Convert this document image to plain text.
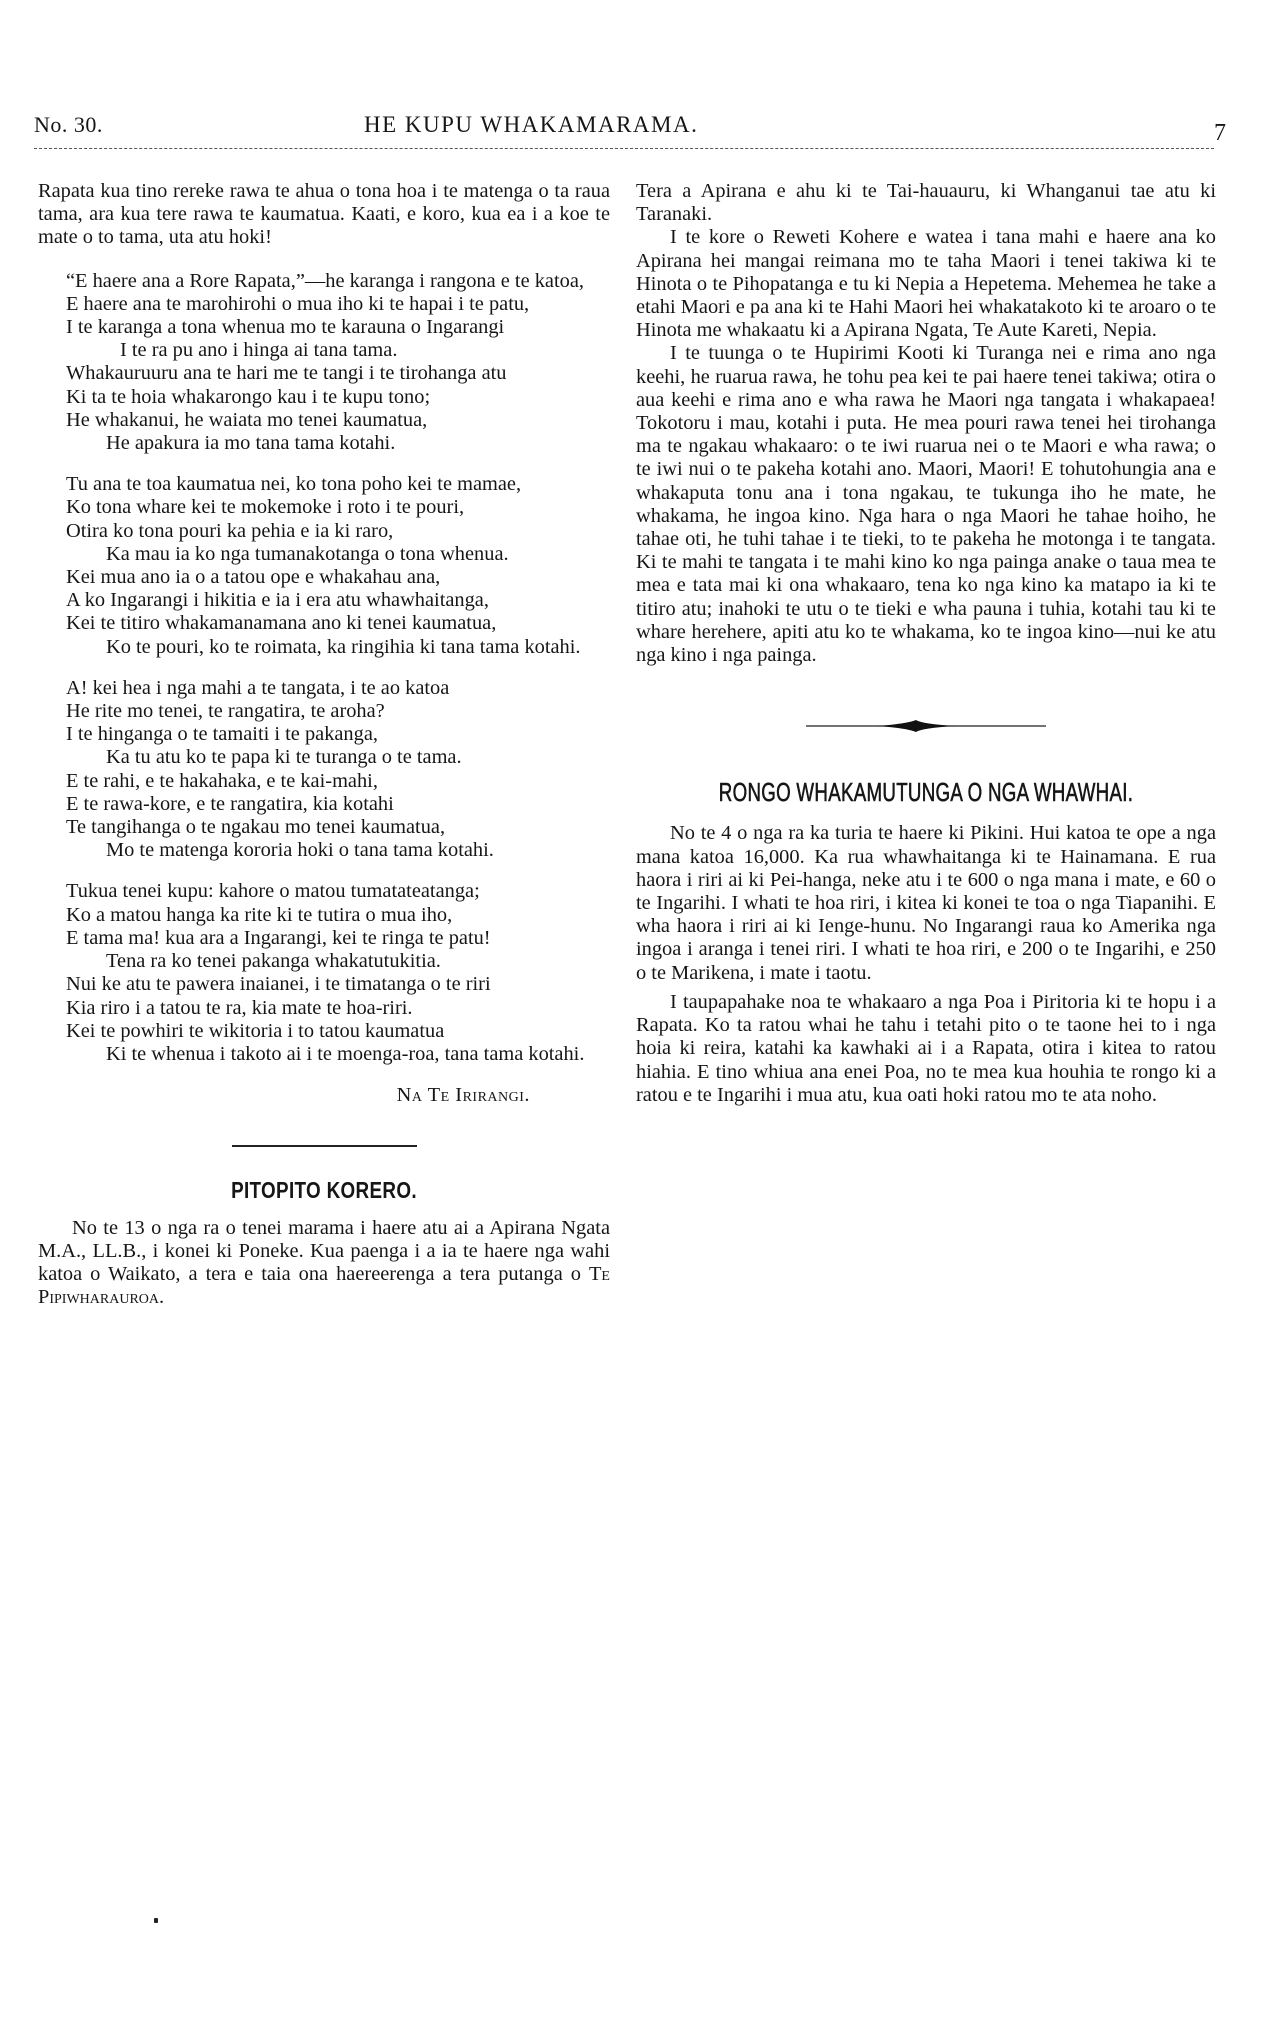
No. 30.	HE KUPU WHAKAMARAMA.	7

Rapata kua tino rereke rawa te ahua o tona hoa i te matenga o ta raua tama, ara kua tere rawa te kaumatua. Kaati, e koro, kua ea i a koe te mate o to tama, uta atu hoki!

“E haere ana a Rore Rapata,”—he karanga i rangona e te katoa,
E haere ana te marohirohi o mua iho ki te hapai i te patu,
I te karanga a tona whenua mo te karauna o Ingarangi
I te ra pu ano i hinga ai tana tama.
Whakauruuru ana te hari me te tangi i te tirohanga atu
Ki ta te hoia whakarongo kau i te kupu tono;
He whakanui, he waiata mo tenei kaumatua,
He apakura ia mo tana tama kotahi.
Tu ana te toa kaumatua nei, ko tona poho kei te mamae,
Ko tona whare kei te mokemoke i roto i te pouri,
Otira ko tona pouri ka pehia e ia ki raro,
Ka mau ia ko nga tumanakotanga o tona whenua.
Kei mua ano ia o a tatou ope e whakahau ana,
A ko Ingarangi i hikitia e ia i era atu whawhaitanga,
Kei te titiro whakamanamana ano ki tenei kaumatua,
Ko te pouri, ko te roimata, ka ringihia ki tana tama kotahi.
A! kei hea i nga mahi a te tangata, i te ao katoa
He rite mo tenei, te rangatira, te aroha?
I te hinganga o te tamaiti i te pakanga,
Ka tu atu ko te papa ki te turanga o te tama.
E te rahi, e te hakahaka, e te kai-mahi,
E te rawa-kore, e te rangatira, kia kotahi
Te tangihanga o te ngakau mo tenei kaumatua,
Mo te matenga kororia hoki o tana tama kotahi.
Tukua tenei kupu: kahore o matou tumatateatanga;
Ko a matou hanga ka rite ki te tutira o mua iho,
E tama ma! kua ara a Ingarangi, kei te ringa te patu!
Tena ra ko tenei pakanga whakatutukitia.
Nui ke atu te pawera inaianei, i te timatanga o te riri
Kia riro i a tatou te ra, kia mate te hoa-riri.
Kei te powhiri te wikitoria i to tatou kaumatua
Ki te whenua i takoto ai i te moenga-roa, tana tama kotahi.
Na Te Irirangi.
PITOPITO KORERO.

No te 13 o nga ra o tenei marama i haere atu ai a Apirana Ngata M.A., LL.B., i konei ki Poneke. Kua paenga i a ia te haere nga wahi katoa o Waikato, a tera e taia ona haereerenga a tera putanga o Te Pipiwharauroa.

Tera a Apirana e ahu ki te Tai-hauauru, ki Whanganui tae atu ki Taranaki.

I te kore o Reweti Kohere e watea i tana mahi e haere ana ko Apirana hei mangai reimana mo te taha Maori i tenei takiwa ki te Hinota o te Pihopatanga e tu ki Nepia a Hepetema. Mehemea he take a etahi Maori e pa ana ki te Hahi Maori hei whakatakoto ki te aroaro o te Hinota me whakaatu ki a Apirana Ngata, Te Aute Kareti, Nepia.

I te tuunga o te Hupirimi Kooti ki Turanga nei e rima ano nga keehi, he ruarua rawa, he tohu pea kei te pai haere tenei takiwa; otira o aua keehi e rima ano e wha rawa he Maori nga tangata i whakapaea! Tokotoru i mau, kotahi i puta. He mea pouri rawa tenei hei tirohanga ma te ngakau whakaaro: o te iwi ruarua nei o te Maori e wha rawa; o te iwi nui o te pakeha kotahi ano. Maori, Maori! E tohutohungia ana e whakaputa tonu ana i tona ngakau, te tukunga iho he mate, he whakama, he ingoa kino. Nga hara o nga Maori he tahae hoiho, he tahae oti, he tuhi tahae i te tieki, to te pakeha he motonga i te tangata. Ki te mahi te tangata i te mahi kino ko nga painga anake o taua mea te mea e tata mai ki ona whakaaro, tena ko nga kino ka matapo ia ki te titiro atu; inahoki te utu o te tieki e wha pauna i tuhia, kotahi tau ki te whare herehere, apiti atu ko te whakama, ko te ingoa kino—nui ke atu nga kino i nga painga.

RONGO WHAKAMUTUNGA O NGA WHAWHAI.

No te 4 o nga ra ka turia te haere ki Pikini. Hui katoa te ope a nga mana katoa 16,000. Ka rua whawhaitanga ki te Hainamana. E rua haora i riri ai ki Pei-hanga, neke atu i te 600 o nga mana i mate, e 60 o te Ingarihi. I whati te hoa riri, i kitea ki konei te toa o nga Tiapanihi. E wha haora i riri ai ki Ienge-hunu. No Ingarangi raua ko Amerika nga ingoa i aranga i tenei riri. I whati te hoa riri, e 200 o te Ingarihi, e 250 o te Marikena, i mate i taotu.

I taupapahake noa te whakaaro a nga Poa i Piritoria ki te hopu i a Rapata. Ko ta ratou whai he tahu i tetahi pito o te taone hei to i nga hoia ki reira, katahi ka kawhaki ai i a Rapata, otira i kitea to ratou hiahia. E tino whiua ana enei Poa, no te mea kua houhia te rongo ki a ratou e te Ingarihi i mua atu, kua oati hoki ratou mo te ata noho.
